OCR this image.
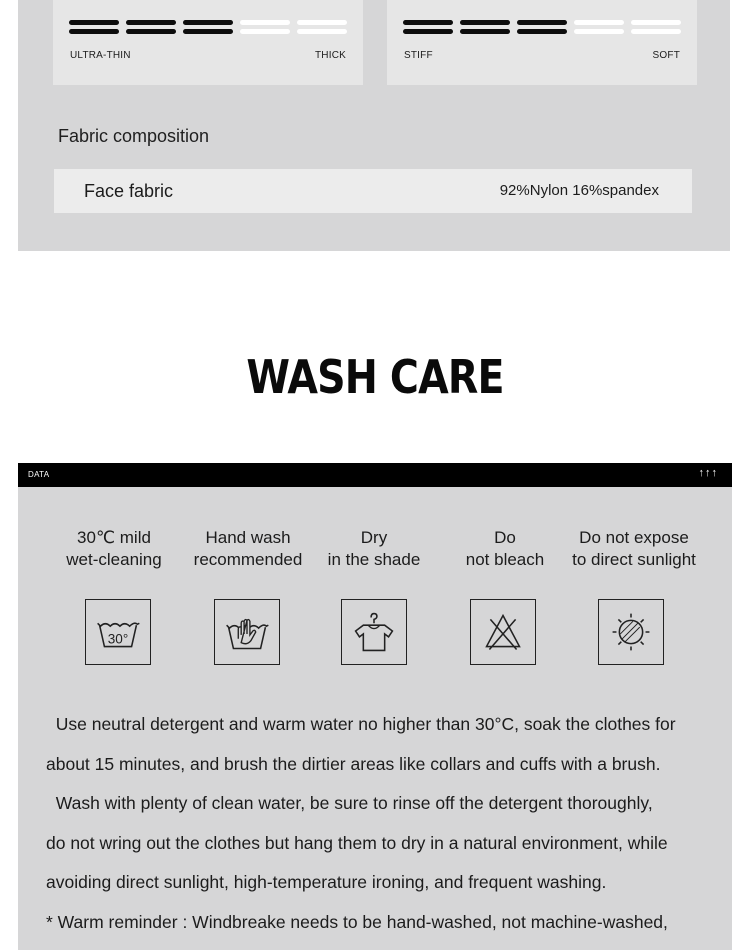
ULTRA-THIN	THICK	STIFF	SOFT
Fabric composition
Face fabric	92%Nylon 16%spandex
WASH CARE
DATA	↑↑↑
30℃ mild
wet-cleaning
Hand wash
recommended
Dry
in the shade
Do
not bleach
Do not expose
to direct sunlight
30°

Use neutral detergent and warm water no higher than 30°C, soak the clothes for

about 15 minutes, and brush the dirtier areas like collars and cuffs with a brush.

Wash with plenty of clean water, be sure to rinse off the detergent thoroughly,

do not wring out the clothes but hang them to dry in a natural environment, while

avoiding direct sunlight, high-temperature ironing, and frequent washing.

* Warm reminder : Windbreake needs to be hand-washed, not machine-washed,
